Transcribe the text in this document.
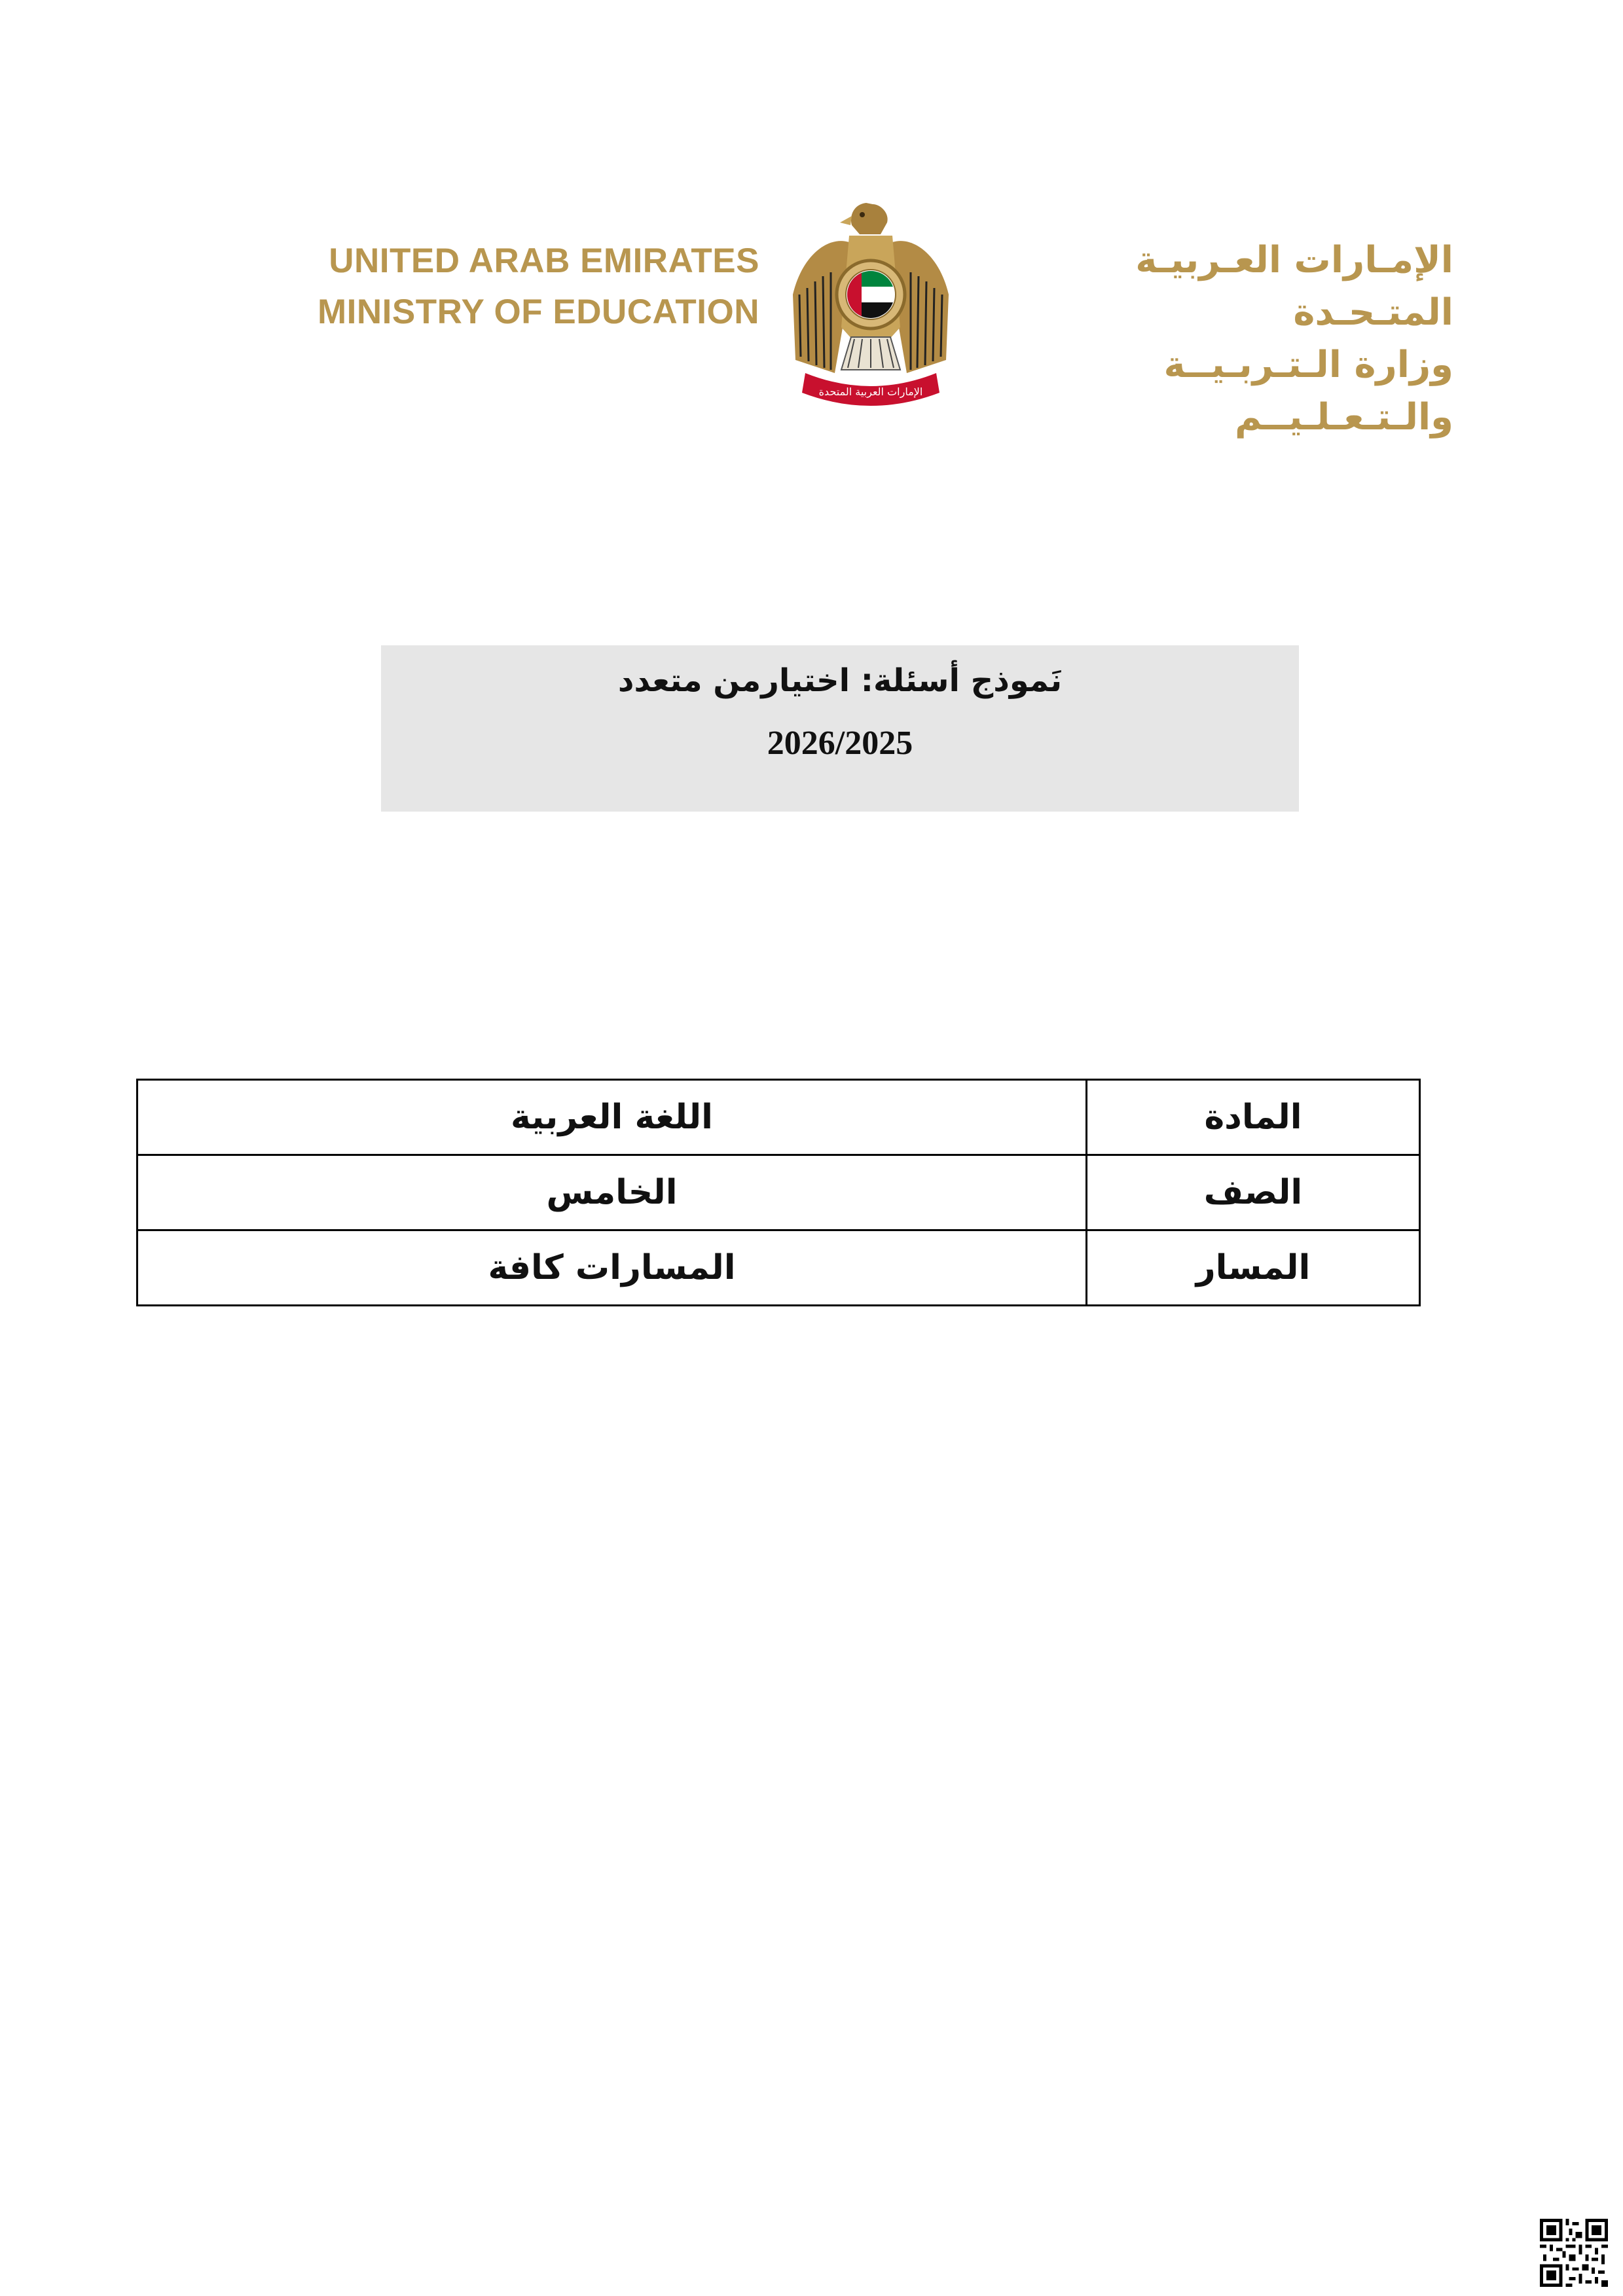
UNITED ARAB EMIRATES
MINISTRY OF EDUCATION
الإمارات العربية المتحدة
الإمـارات العـربيـة المتـحـدة
وزارة الـتـربـيــة والـتـعـلـيــم
نَموذج أسئلة: اختيارمن متعدد
2026/2025
المادة	اللغة العربية
الصف	الخامس
المسار	المسارات كافة
